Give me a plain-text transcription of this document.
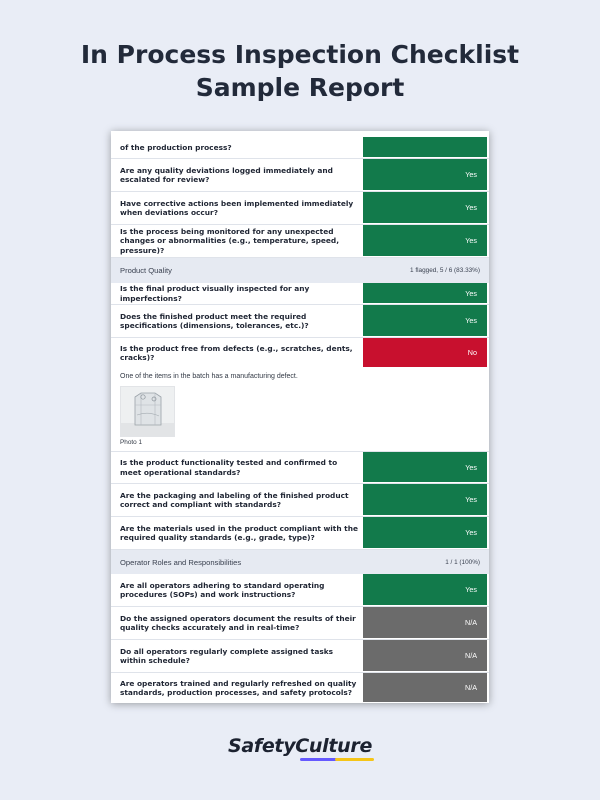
In Process Inspection Checklist
Sample Report
of the production process?
Are any quality deviations logged immediately and escalated for review?
Yes
Have corrective actions been implemented immediately when deviations occur?
Yes
Is the process being monitored for any unexpected changes or abnormalities (e.g., temperature, speed, pressure)?
Yes
Product Quality	1 flagged, 5 / 6 (83.33%)
Is the final product visually inspected for any imperfections?
Yes
Does the finished product meet the required specifications (dimensions, tolerances, etc.)?
Yes
Is the product free from defects (e.g., scratches, dents, cracks)?
No
One of the items in the batch has a manufacturing defect.
Photo 1
Is the product functionality tested and confirmed to meet operational standards?
Yes
Are the packaging and labeling of the finished product correct and compliant with standards?
Yes
Are the materials used in the product compliant with the required quality standards (e.g., grade, type)?
Yes
Operator Roles and Responsibilities	1 / 1 (100%)
Are all operators adhering to standard operating procedures (SOPs) and work instructions?
Yes
Do the assigned operators document the results of their quality checks accurately and in real-time?
N/A
Do all operators regularly complete assigned tasks within schedule?
N/A
Are operators trained and regularly refreshed on quality standards, production processes, and safety protocols?
N/A
SafetyCulture
